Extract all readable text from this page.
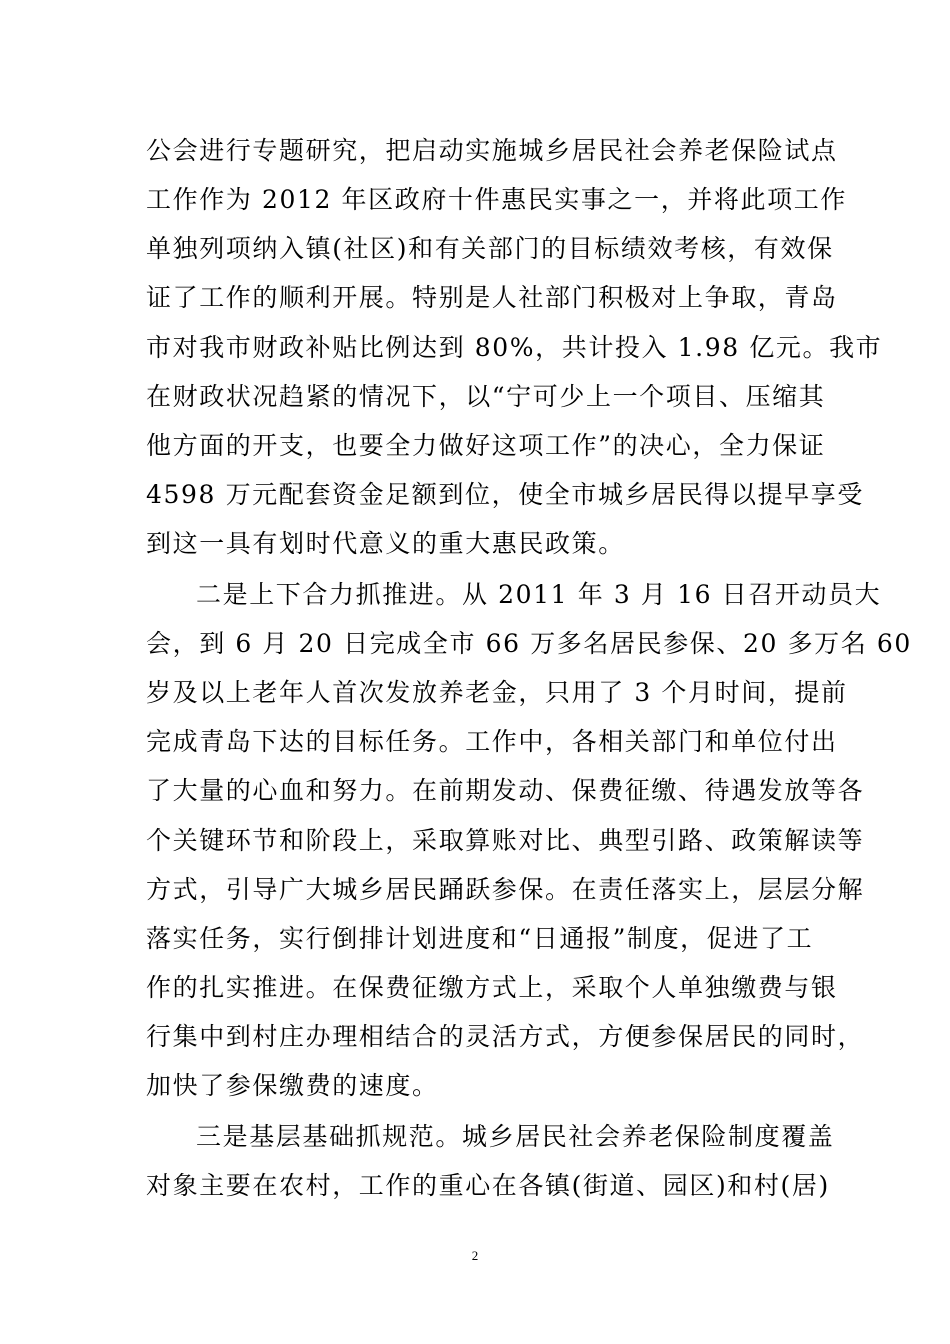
公会进行专题研究，把启动实施城乡居民社会养老保险试点
工作作为 2012 年区政府十件惠民实事之一，并将此项工作
单独列项纳入镇(社区)和有关部门的目标绩效考核，有效保
证了工作的顺利开展。特别是人社部门积极对上争取，青岛
市对我市财政补贴比例达到 80%，共计投入 1.98 亿元。我市
在财政状况趋紧的情况下，以“宁可少上一个项目、压缩其
他方面的开支，也要全力做好这项工作”的决心，全力保证
4598 万元配套资金足额到位，使全市城乡居民得以提早享受
到这一具有划时代意义的重大惠民政策。
二是上下合力抓推进。从 2011 年 3 月 16 日召开动员大
会，到 6 月 20 日完成全市 66 万多名居民参保、20 多万名 60
岁及以上老年人首次发放养老金，只用了 3 个月时间，提前
完成青岛下达的目标任务。工作中，各相关部门和单位付出
了大量的心血和努力。在前期发动、保费征缴、待遇发放等各
个关键环节和阶段上，采取算账对比、典型引路、政策解读等
方式，引导广大城乡居民踊跃参保。在责任落实上，层层分解
落实任务，实行倒排计划进度和“日通报”制度，促进了工
作的扎实推进。在保费征缴方式上，采取个人单独缴费与银
行集中到村庄办理相结合的灵活方式，方便参保居民的同时，
加快了参保缴费的速度。
三是基层基础抓规范。城乡居民社会养老保险制度覆盖
对象主要在农村，工作的重心在各镇(街道、园区)和村(居)
2
